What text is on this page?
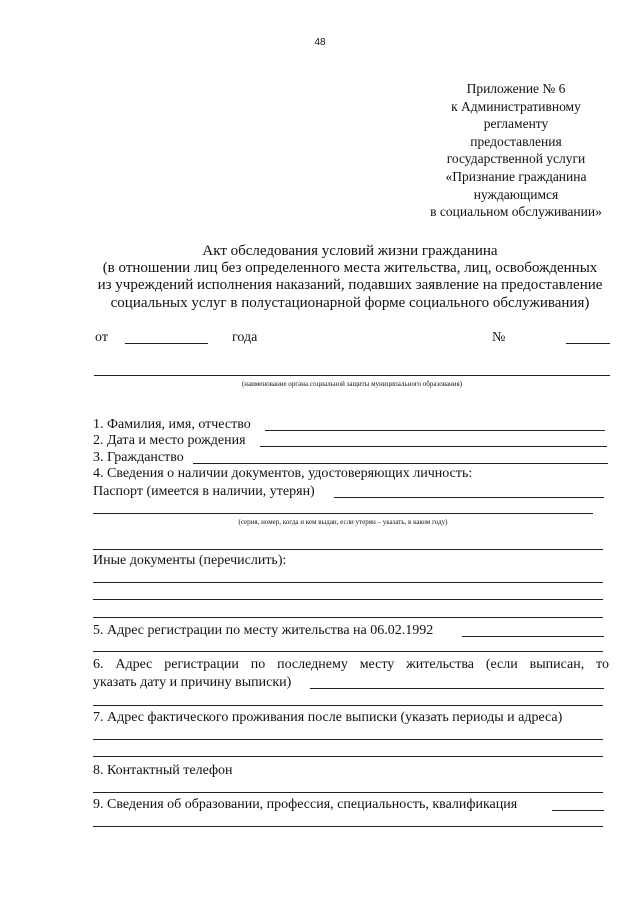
48
Приложение № 6
к Административному
регламенту
предоставления
государственной услуги
«Признание гражданина
нуждающимся
в социальном обслуживании»
Акт обследования условий жизни гражданина
(в отношении лиц без определенного места жительства, лиц, освобожденных
из учреждений исполнения наказаний, подавших заявление на предоставление
социальных услуг в полустационарной форме социального обслуживания)
от	года	№
(наименование органа социальной защиты муниципального образования)
1. Фамилия, имя, отчество
2. Дата и место рождения
3. Гражданство
4. Сведения о наличии документов, удостоверяющих личность:
Паспорт (имеется в наличии, утерян)
(серия, номер, когда и кем выдан, если утерян – указать, в каком году)
Иные документы (перечислить):
5. Адрес регистрации по месту жительства на 06.02.1992
6. Адрес регистрации по последнему месту жительства (если выписан, то
указать дату и причину выписки)
7. Адрес фактического проживания после выписки (указать периоды и адреса)
8. Контактный телефон
9. Сведения об образовании, профессия, специальность, квалификация
